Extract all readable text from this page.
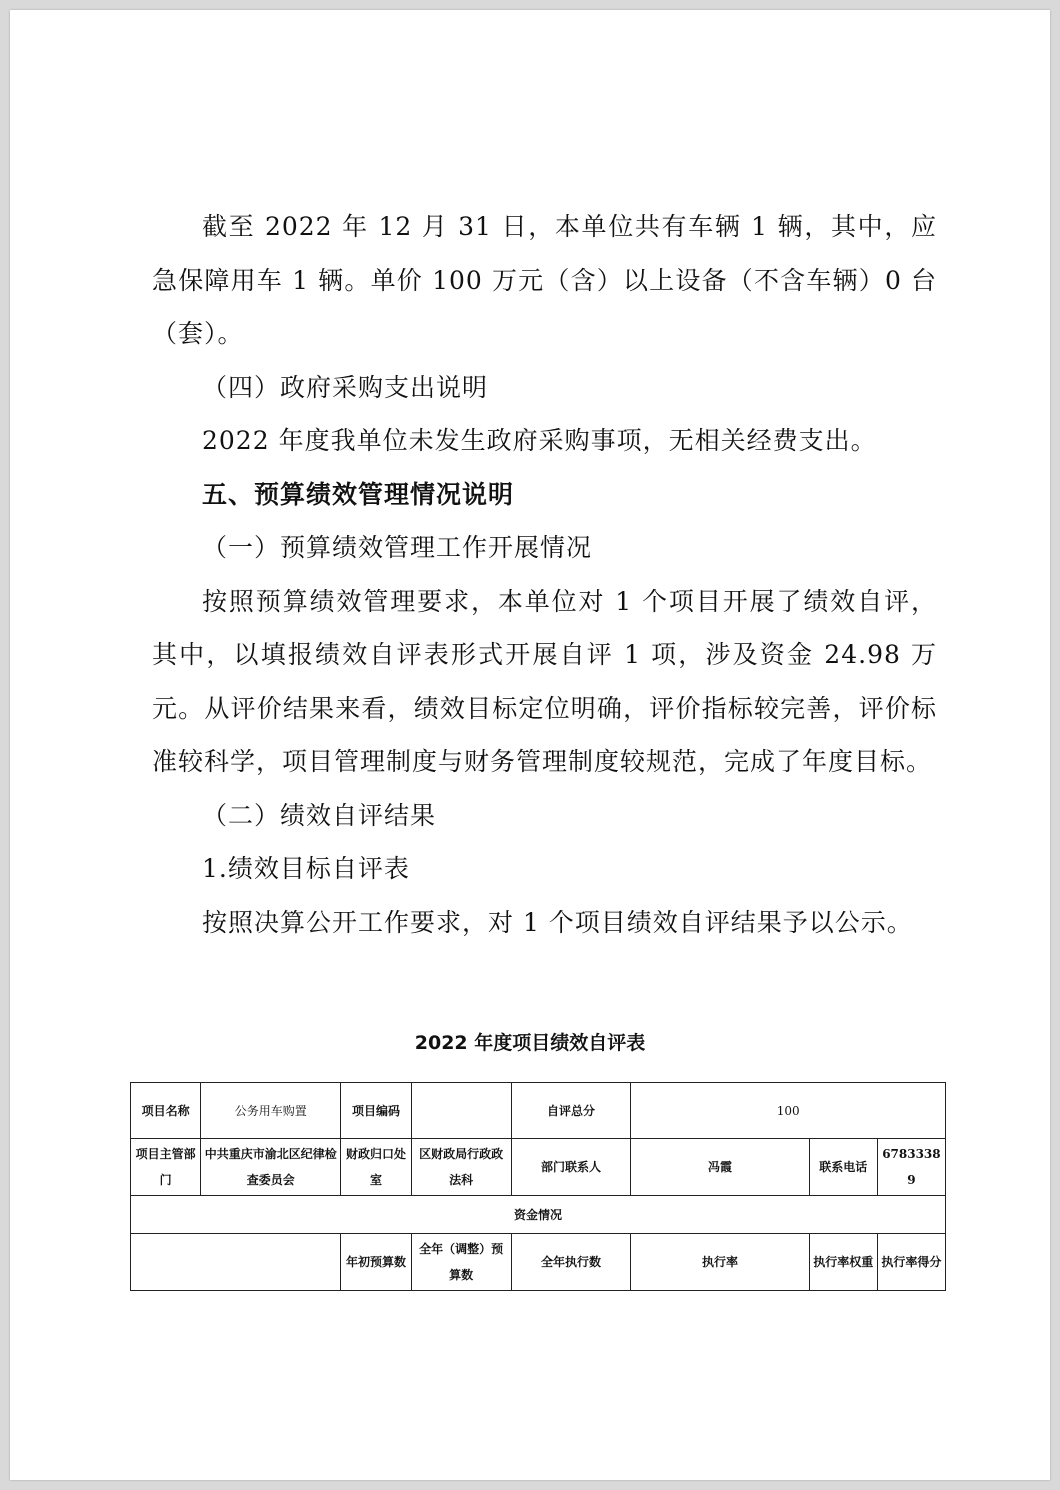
截至 2022 年 12 月 31 日，本单位共有车辆 1 辆，其中，应急保障用车 1 辆。单价 100 万元（含）以上设备（不含车辆）0 台（套）。

（四）政府采购支出说明

2022 年度我单位未发生政府采购事项，无相关经费支出。

五、预算绩效管理情况说明

（一）预算绩效管理工作开展情况

按照预算绩效管理要求，本单位对 1 个项目开展了绩效自评，其中，以填报绩效自评表形式开展自评 1 项，涉及资金 24.98 万元。从评价结果来看，绩效目标定位明确，评价指标较完善，评价标准较科学，项目管理制度与财务管理制度较规范，完成了年度目标。

（二）绩效自评结果

1.绩效目标自评表

按照决算公开工作要求，对 1 个项目绩效自评结果予以公示。

2022 年度项目绩效自评表
项目名称	公务用车购置	项目编码		自评总分	100		
项目主管部门	中共重庆市渝北区纪律检查委员会	财政归口处室	区财政局行政政法科	部门联系人	冯霞	联系电话	67833389
资金情况							
		年初预算数	全年（调整）预算数	全年执行数	执行率	执行率权重	执行率得分
